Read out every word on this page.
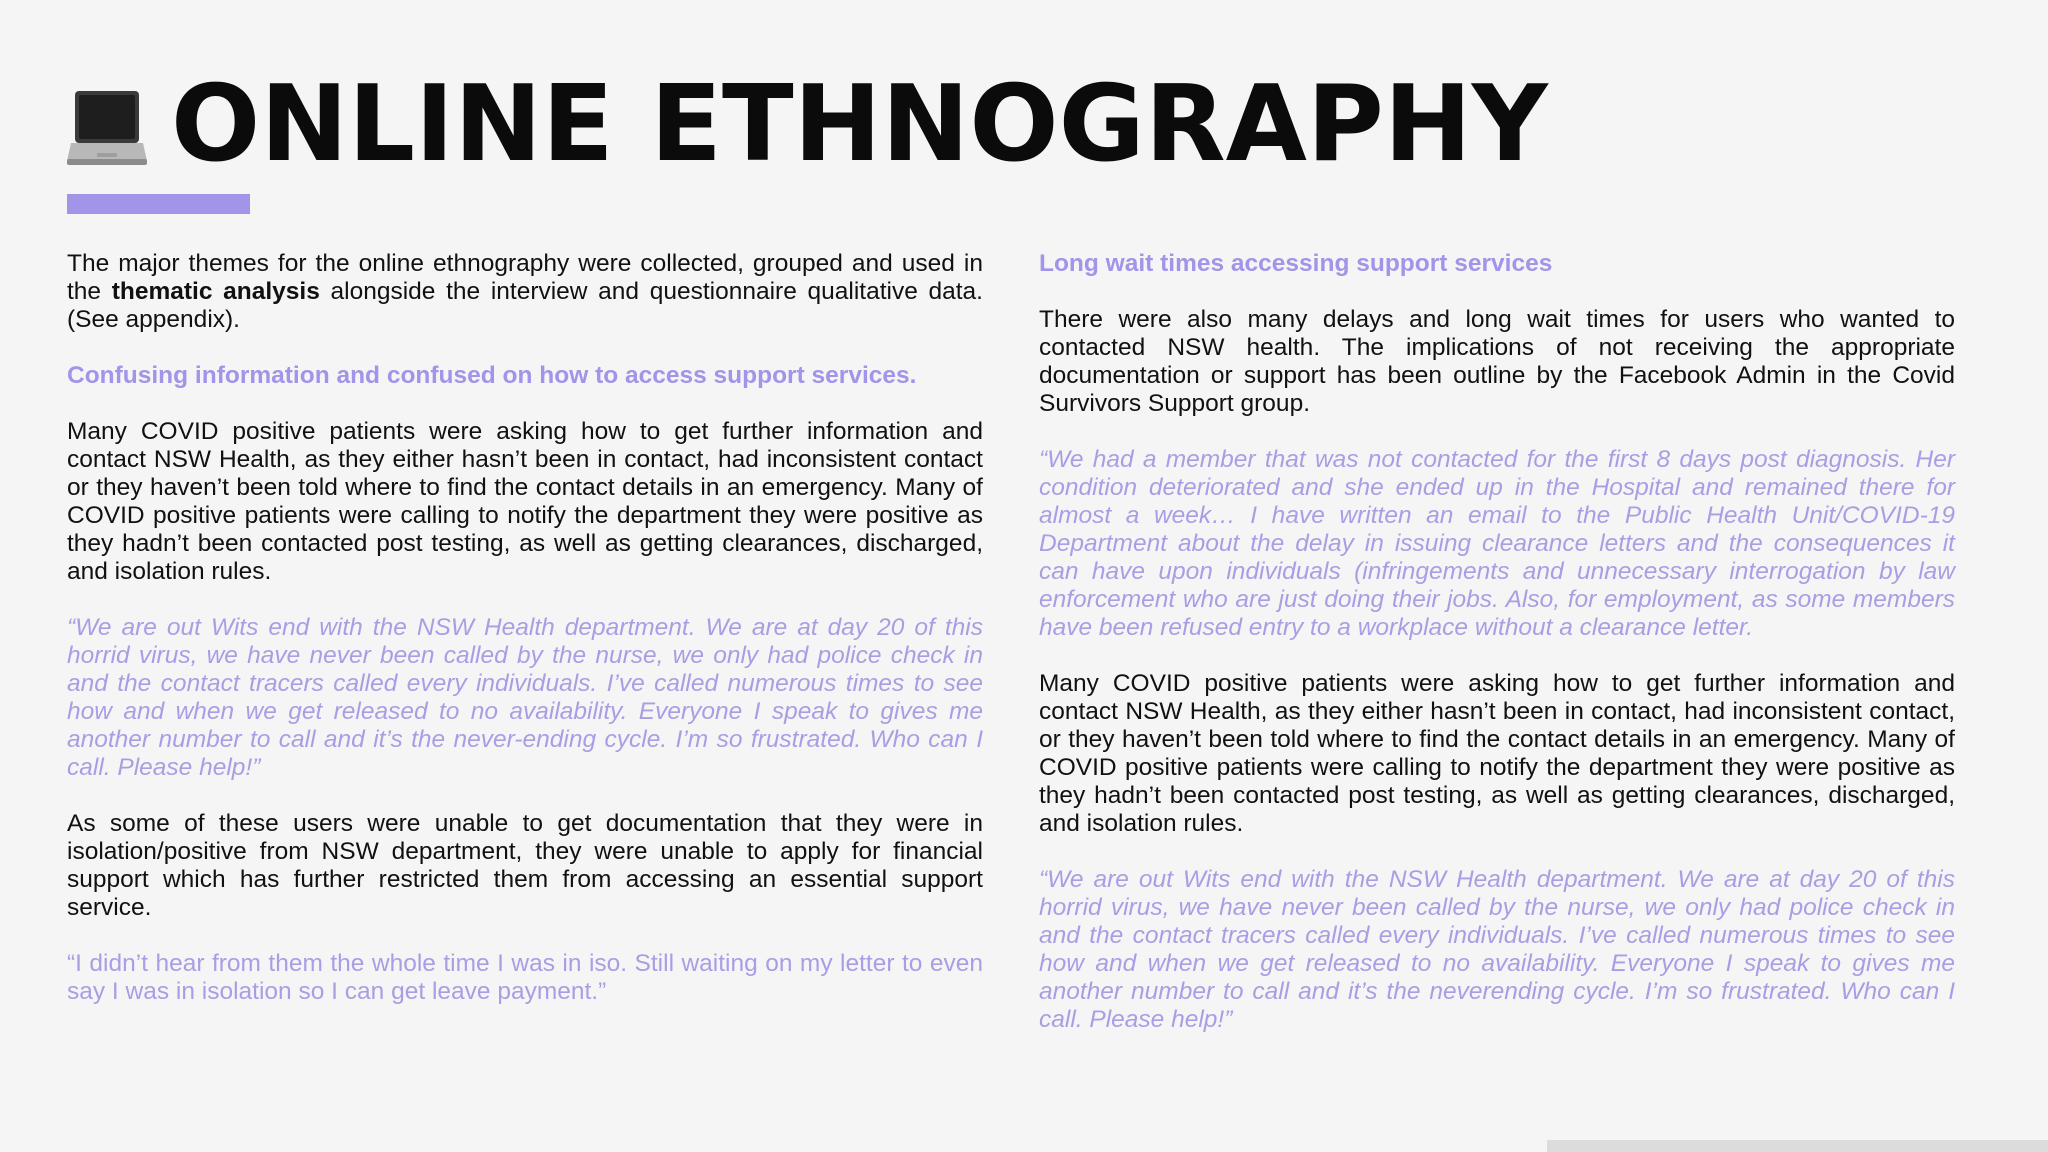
ONLINE ETHNOGRAPHY

The major themes for the online ethnography were collected, grouped and used in the thematic analysis alongside the interview and questionnaire qualitative data. (See appendix).

Confusing information and confused on how to access support services.

Many COVID positive patients were asking how to get further information and contact NSW Health, as they either hasn’t been in contact, had inconsistent contact or they haven’t been told where to find the contact details in an emergency. Many of COVID positive patients were calling to notify the department they were positive as they hadn’t been contacted post testing, as well as getting clearances, discharged, and isolation rules.

“We are out Wits end with the NSW Health department. We are at day 20 of this horrid virus, we have never been called by the nurse, we only had police check in and the contact tracers called every individuals. I’ve called numerous times to see how and when we get released to no availability. Everyone I speak to gives me another number to call and it’s the never-ending cycle. I’m so frustrated. Who can I call. Please help!”

As some of these users were unable to get documentation that they were in isolation/positive from NSW department, they were unable to apply for financial support which has further restricted them from accessing an essential support service.

“I didn’t hear from them the whole time I was in iso. Still waiting on my letter to even say I was in isolation so I can get leave payment.”

Long wait times accessing support services

There were also many delays and long wait times for users who wanted to contacted NSW health. The implications of not receiving the appropriate documentation or support has been outline by the Facebook Admin in the Covid Survivors Support group.

“We had a member that was not contacted for the first 8 days post diagnosis. Her condition deteriorated and she ended up in the Hospital and remained there for almost a week… I have written an email to the Public Health Unit/COVID-19 Department about the delay in issuing clearance letters and the consequences it can have upon individuals (infringements and unnecessary interrogation by law enforcement who are just doing their jobs. Also, for employment, as some members have been refused entry to a workplace without a clearance letter.

Many COVID positive patients were asking how to get further information and contact NSW Health, as they either hasn’t been in contact, had inconsistent contact, or they haven’t been told where to find the contact details in an emergency. Many of COVID positive patients were calling to notify the department they were positive as they hadn’t been contacted post testing, as well as getting clearances, discharged, and isolation rules.

“We are out Wits end with the NSW Health department. We are at day 20 of this horrid virus, we have never been called by the nurse, we only had police check in and the contact tracers called every individuals. I’ve called numerous times to see how and when we get released to no availability. Everyone I speak to gives me another number to call and it’s the neverending cycle. I’m so frustrated. Who can I call. Please help!”
